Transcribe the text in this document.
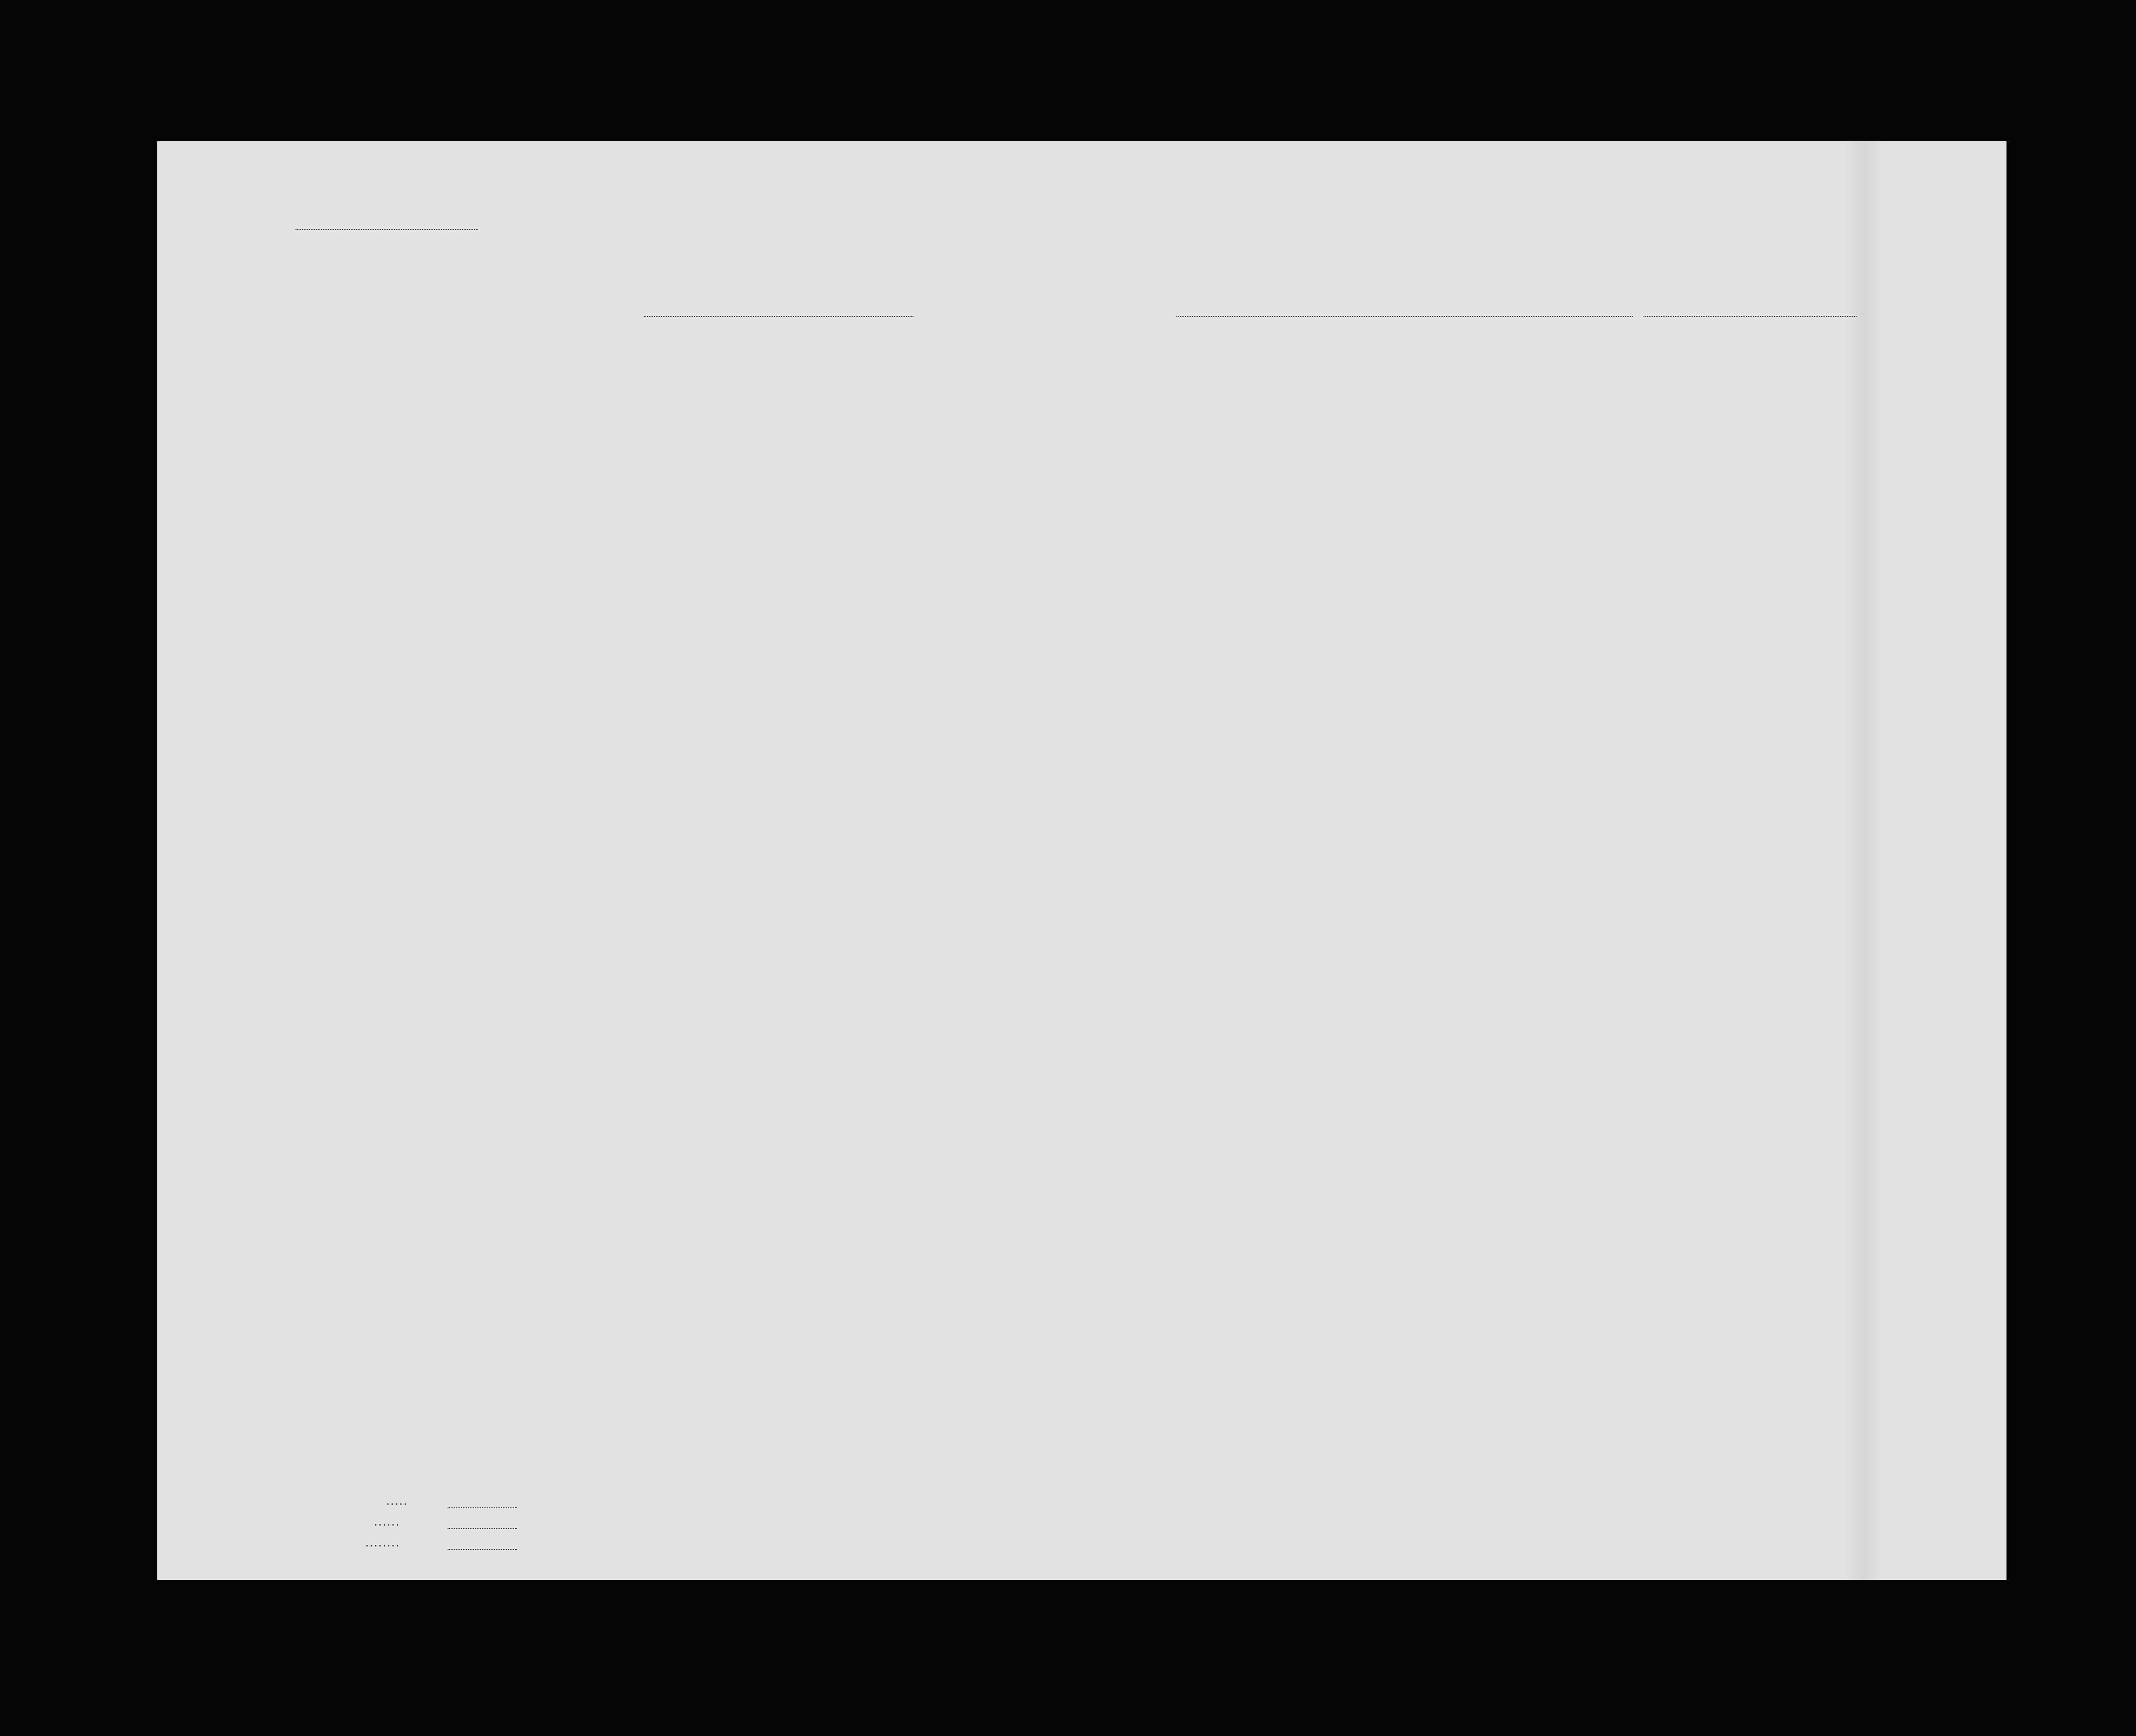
. . . . .
. . . . . .
. . . . . . . .
